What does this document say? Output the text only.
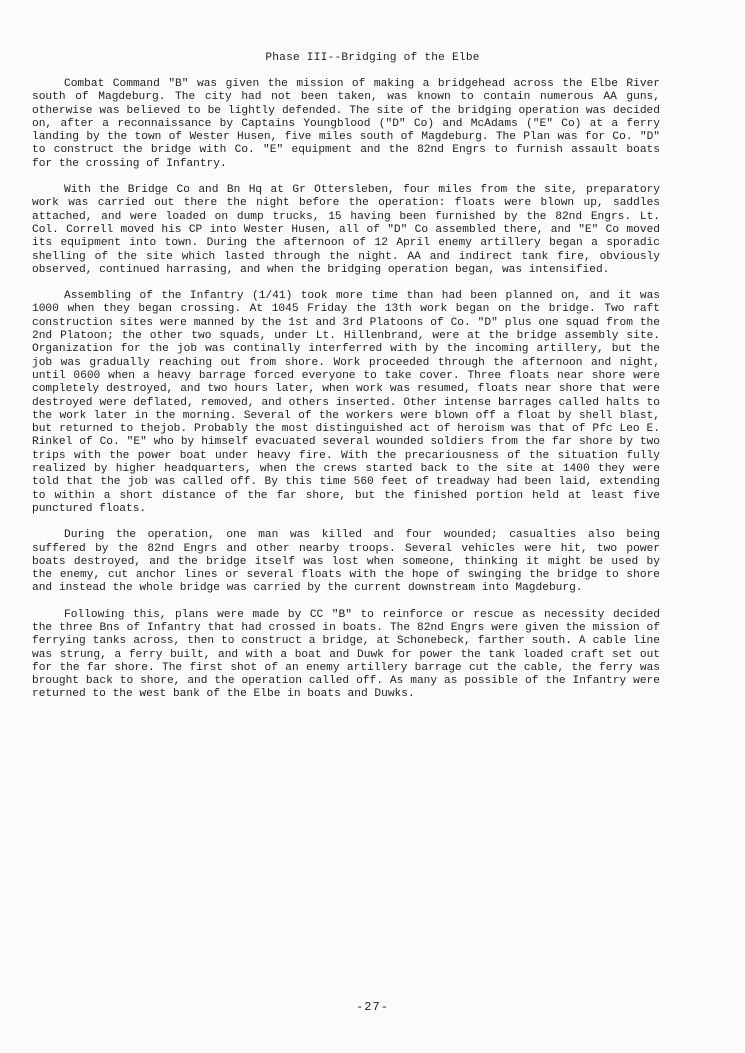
Phase III--Bridging of the Elbe

Combat Command "B" was given the mission of making a bridgehead across the Elbe River south of Magdeburg. The city had not been taken, was known to contain numerous AA guns, otherwise was believed to be lightly defended. The site of the bridging operation was decided on, after a reconnaissance by Captains Youngblood ("D" Co) and McAdams ("E" Co) at a ferry landing by the town of Wester Husen, five miles south of Magdeburg. The Plan was for Co. "D" to construct the bridge with Co. "E" equipment and the 82nd Engrs to furnish assault boats for the crossing of Infantry.

With the Bridge Co and Bn Hq at Gr Ottersleben, four miles from the site, preparatory work was carried out there the night before the operation: floats were blown up, saddles attached, and were loaded on dump trucks, 15 having been furnished by the 82nd Engrs. Lt. Col. Correll moved his CP into Wester Husen, all of "D" Co assembled there, and "E" Co moved its equipment into town. During the afternoon of 12 April enemy artillery began a sporadic shelling of the site which lasted through the night. AA and indirect tank fire, obviously observed, continued harrasing, and when the bridging operation began, was intensified.

Assembling of the Infantry (1/41) took more time than had been planned on, and it was 1000 when they began crossing. At 1045 Friday the 13th work began on the bridge. Two raft construction sites were manned by the 1st and 3rd Platoons of Co. "D" plus one squad from the 2nd Platoon; the other two squads, under Lt. Hillenbrand, were at the bridge assembly site. Organization for the job was continally interferred with by the incoming artillery, but the job was gradually reaching out from shore. Work proceeded through the afternoon and night, until 0600 when a heavy barrage forced everyone to take cover. Three floats near shore were completely destroyed, and two hours later, when work was resumed, floats near shore that were destroyed were deflated, removed, and others inserted. Other intense barrages called halts to the work later in the morning. Several of the workers were blown off a float by shell blast, but returned to thejob. Probably the most distinguished act of heroism was that of Pfc Leo E. Rinkel of Co. "E" who by himself evacuated several wounded soldiers from the far shore by two trips with the power boat under heavy fire. With the precariousness of the situation fully realized by higher headquarters, when the crews started back to the site at 1400 they were told that the job was called off. By this time 560 feet of treadway had been laid, extending to within a short distance of the far shore, but the finished portion held at least five punctured floats.

During the operation, one man was killed and four wounded; casualties also being suffered by the 82nd Engrs and other nearby troops. Several vehicles were hit, two power boats destroyed, and the bridge itself was lost when someone, thinking it might be used by the enemy, cut anchor lines or several floats with the hope of swinging the bridge to shore and instead the whole bridge was carried by the current downstream into Magdeburg.

Following this, plans were made by CC "B" to reinforce or rescue as necessity decided the three Bns of Infantry that had crossed in boats. The 82nd Engrs were given the mission of ferrying tanks across, then to construct a bridge, at Schonebeck, farther south. A cable line was strung, a ferry built, and with a boat and Duwk for power the tank loaded craft set out for the far shore. The first shot of an enemy artillery barrage cut the cable, the ferry was brought back to shore, and the operation called off. As many as possible of the Infantry were returned to the west bank of the Elbe in boats and Duwks.

-27-
